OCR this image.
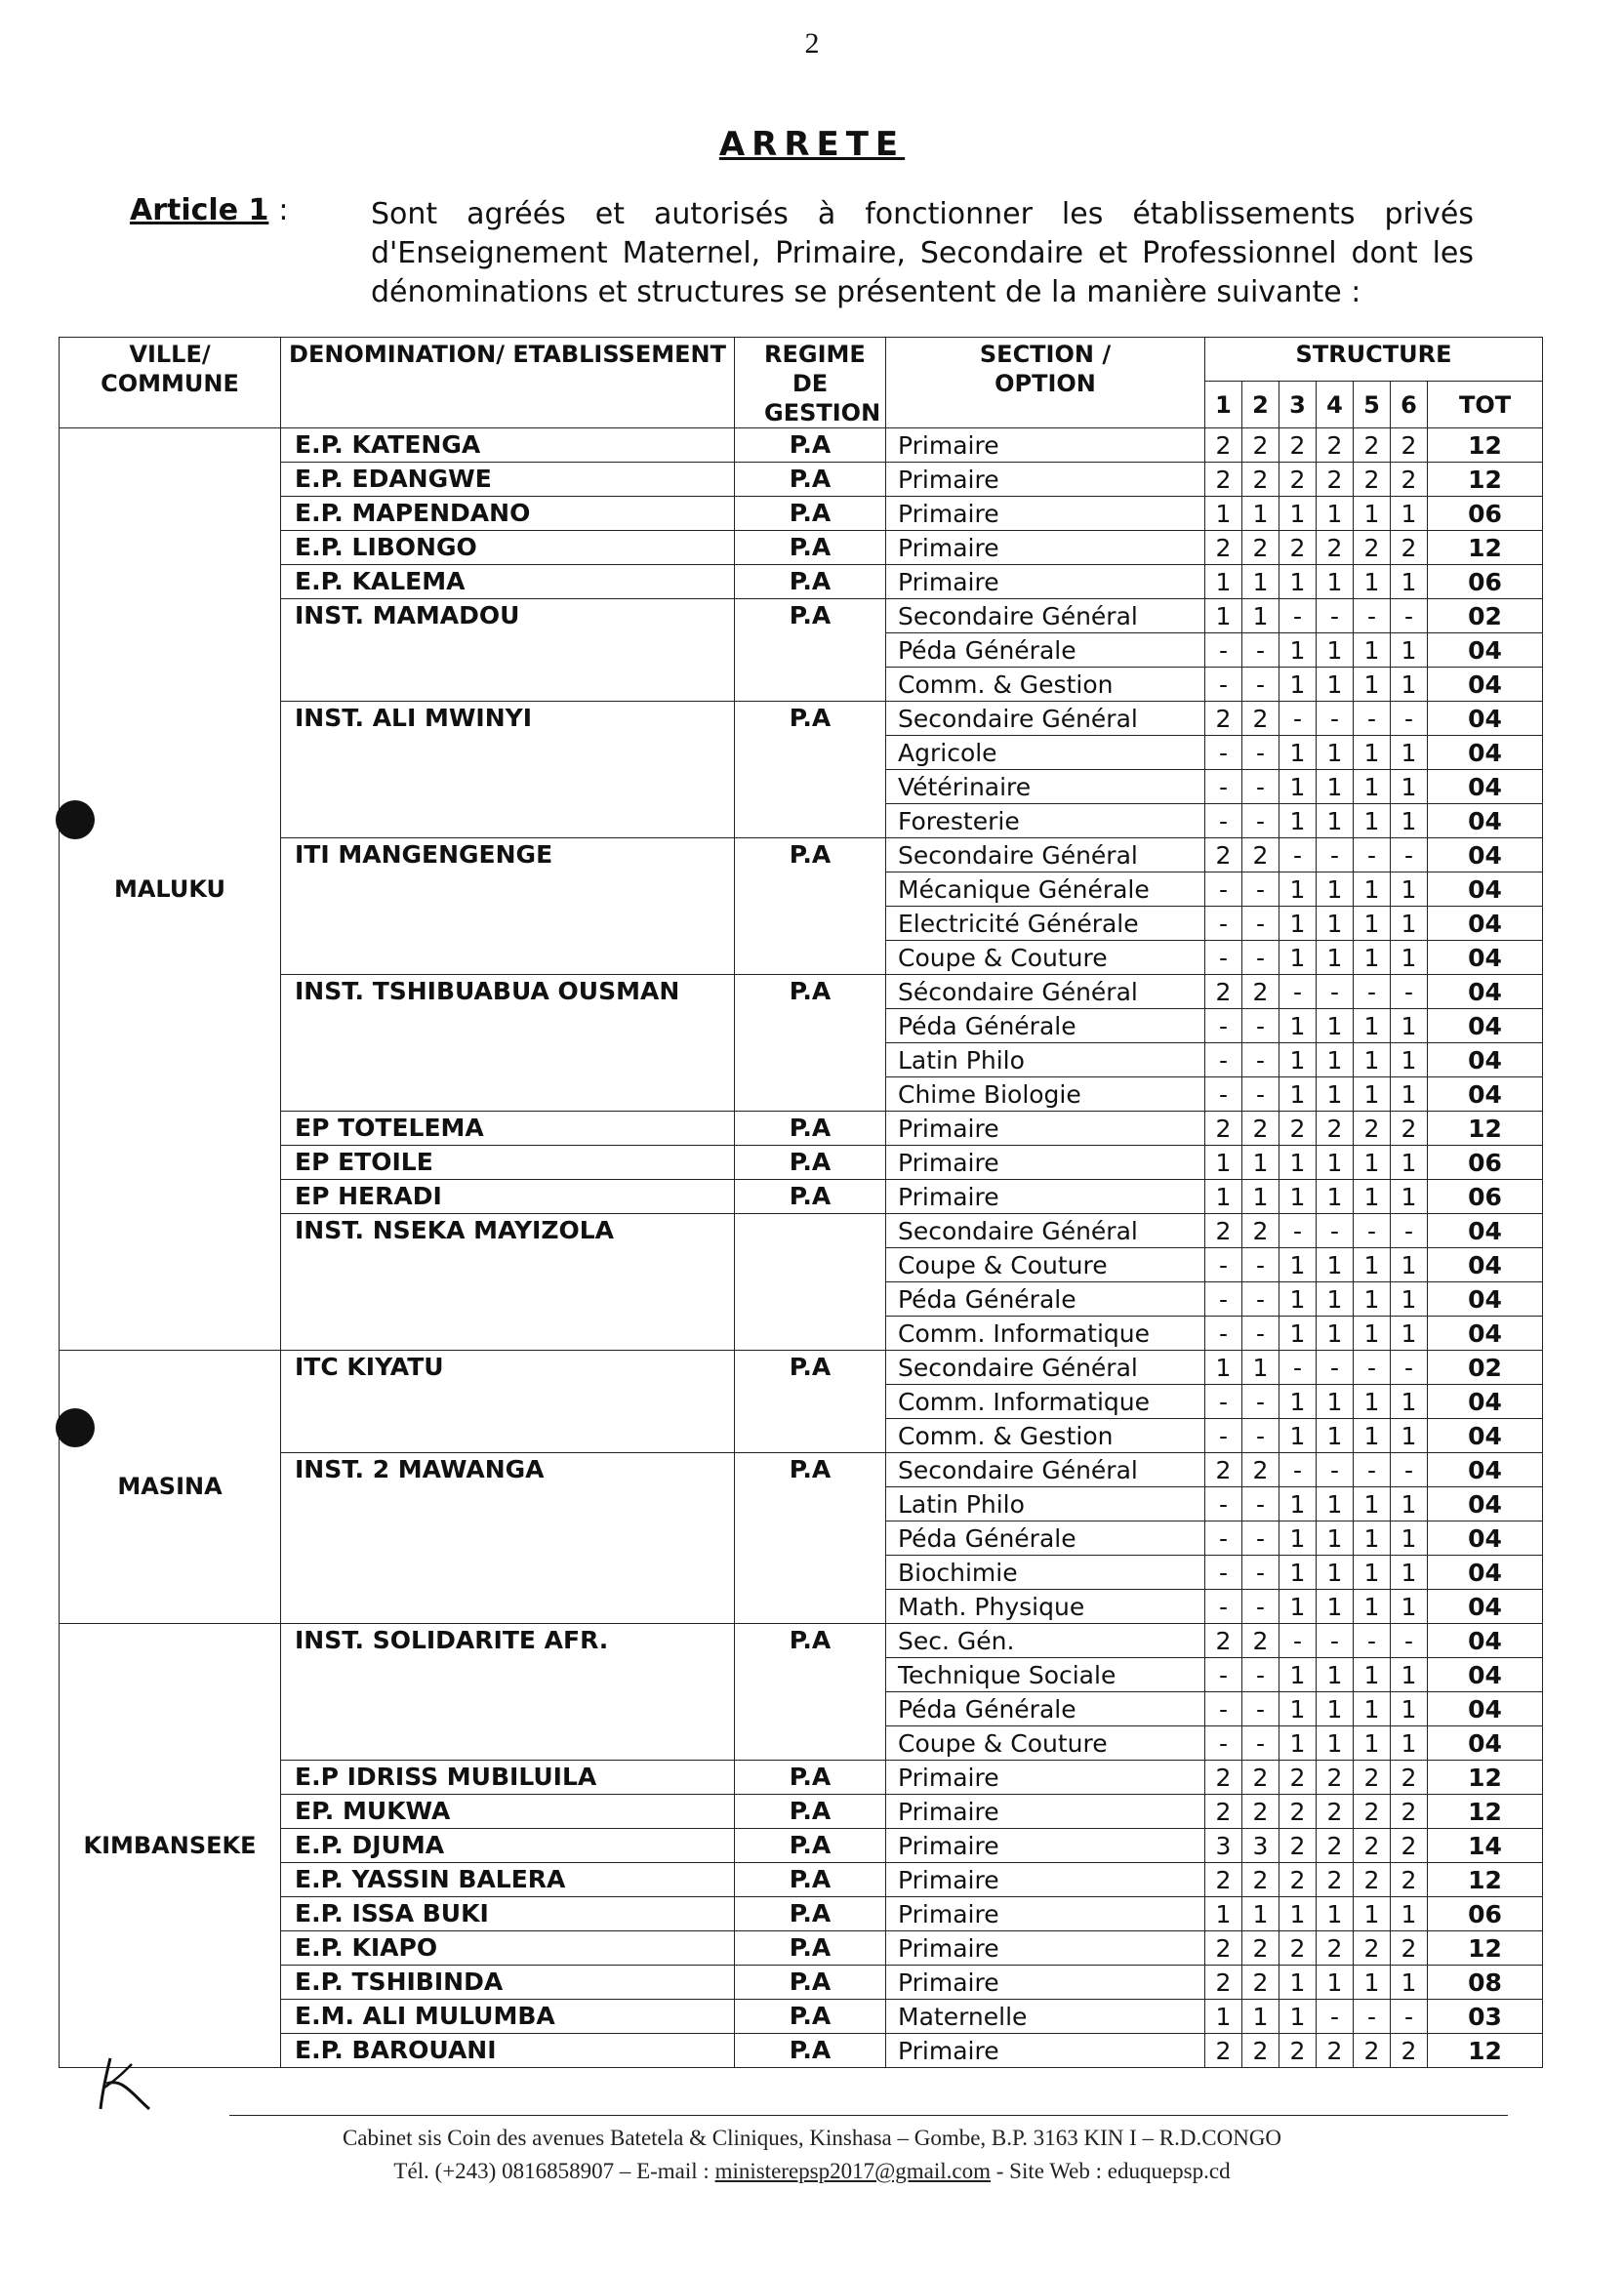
2
ARRETE
Article 1 :	Sont agréés et autorisés à fonctionner les établissements privés d'Enseignement Maternel, Primaire, Secondaire et Professionnel dont les dénominations et structures se présentent de la manière suivante :
VILLE/ COMMUNE	DENOMINATION/ ETABLISSEMENT	REGIME DE GESTION	SECTION / OPTION	STRUCTURE						
				1	2	3	4	5	6	TOT
MALUKU	E.P. KATENGA	P.A	Primaire	2	2	2	2	2	2	12
	E.P. EDANGWE	P.A	Primaire	2	2	2	2	2	2	12
	E.P. MAPENDANO	P.A	Primaire	1	1	1	1	1	1	06
	E.P. LIBONGO	P.A	Primaire	2	2	2	2	2	2	12
	E.P. KALEMA	P.A	Primaire	1	1	1	1	1	1	06
	INST. MAMADOU	P.A	Secondaire Général	1	1	-	-	-	-	02
			Péda Générale	-	-	1	1	1	1	04
			Comm. & Gestion	-	-	1	1	1	1	04
	INST. ALI MWINYI	P.A	Secondaire Général	2	2	-	-	-	-	04
			Agricole	-	-	1	1	1	1	04
			Vétérinaire	-	-	1	1	1	1	04
			Foresterie	-	-	1	1	1	1	04
	ITI MANGENGENGE	P.A	Secondaire Général	2	2	-	-	-	-	04
			Mécanique Générale	-	-	1	1	1	1	04
			Electricité Générale	-	-	1	1	1	1	04
			Coupe & Couture	-	-	1	1	1	1	04
	INST. TSHIBUABUA OUSMAN	P.A	Sécondaire Général	2	2	-	-	-	-	04
			Péda Générale	-	-	1	1	1	1	04
			Latin Philo	-	-	1	1	1	1	04
			Chime Biologie	-	-	1	1	1	1	04
	EP TOTELEMA	P.A	Primaire	2	2	2	2	2	2	12
	EP ETOILE	P.A	Primaire	1	1	1	1	1	1	06
	EP HERADI	P.A	Primaire	1	1	1	1	1	1	06
	INST. NSEKA MAYIZOLA		Secondaire Général	2	2	-	-	-	-	04
			Coupe & Couture	-	-	1	1	1	1	04
			Péda Générale	-	-	1	1	1	1	04
			Comm. Informatique	-	-	1	1	1	1	04
MASINA	ITC KIYATU	P.A	Secondaire Général	1	1	-	-	-	-	02
			Comm. Informatique	-	-	1	1	1	1	04
			Comm. & Gestion	-	-	1	1	1	1	04
	INST. 2 MAWANGA	P.A	Secondaire Général	2	2	-	-	-	-	04
			Latin Philo	-	-	1	1	1	1	04
			Péda Générale	-	-	1	1	1	1	04
			Biochimie	-	-	1	1	1	1	04
			Math. Physique	-	-	1	1	1	1	04
KIMBANSEKE	INST. SOLIDARITE AFR.	P.A	Sec. Gén.	2	2	-	-	-	-	04
			Technique Sociale	-	-	1	1	1	1	04
			Péda Générale	-	-	1	1	1	1	04
			Coupe & Couture	-	-	1	1	1	1	04
	E.P IDRISS MUBILUILA	P.A	Primaire	2	2	2	2	2	2	12
	EP. MUKWA	P.A	Primaire	2	2	2	2	2	2	12
	E.P. DJUMA	P.A	Primaire	3	3	2	2	2	2	14
	E.P. YASSIN BALERA	P.A	Primaire	2	2	2	2	2	2	12
	E.P. ISSA BUKI	P.A	Primaire	1	1	1	1	1	1	06
	E.P. KIAPO	P.A	Primaire	2	2	2	2	2	2	12
	E.P. TSHIBINDA	P.A	Primaire	2	2	1	1	1	1	08
	E.M. ALI MULUMBA	P.A	Maternelle	1	1	1	-	-	-	03
	E.P. BAROUANI	P.A	Primaire	2	2	2	2	2	2	12
Cabinet sis Coin des avenues Batetela & Cliniques, Kinshasa – Gombe, B.P. 3163 KIN I – R.D.CONGO
Tél. (+243) 0816858907 – E-mail : ministerepsp2017@gmail.com - Site Web : eduquepsp.cd
